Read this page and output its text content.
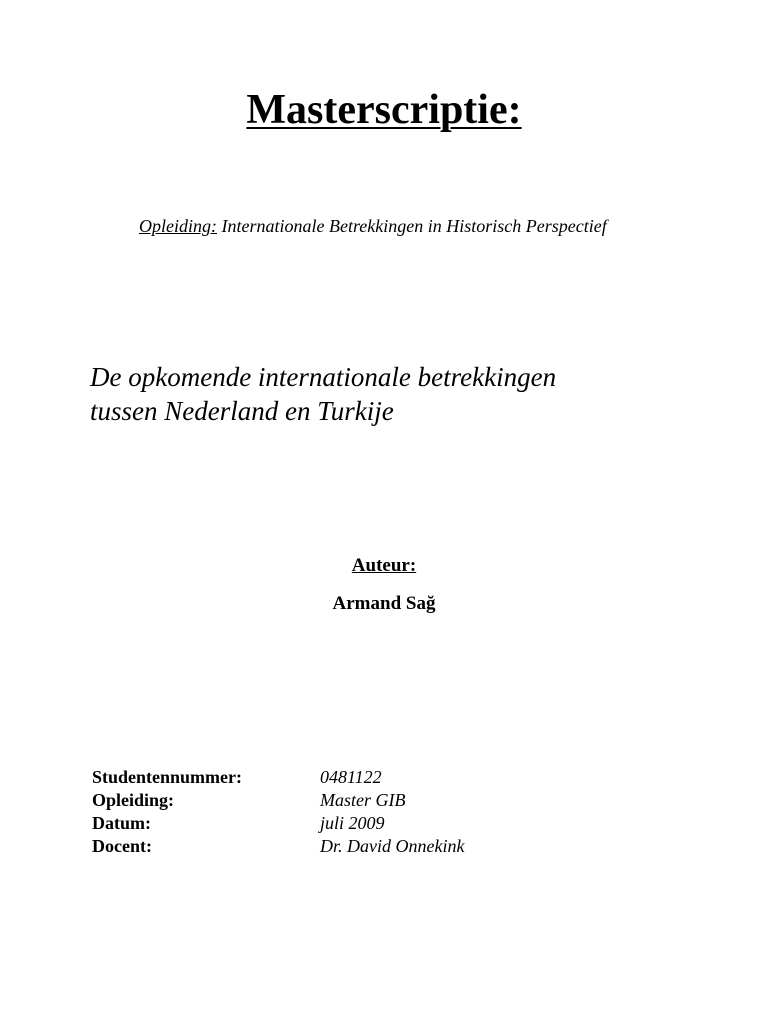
Masterscriptie:
Opleiding: Internationale Betrekkingen in Historisch Perspectief
De opkomende internationale betrekkingen
tussen Nederland en Turkije
Auteur:
Armand Sağ
Studentennummer:	0481122
Opleiding:	Master GIB
Datum:	juli 2009
Docent:	Dr. David Onnekink
